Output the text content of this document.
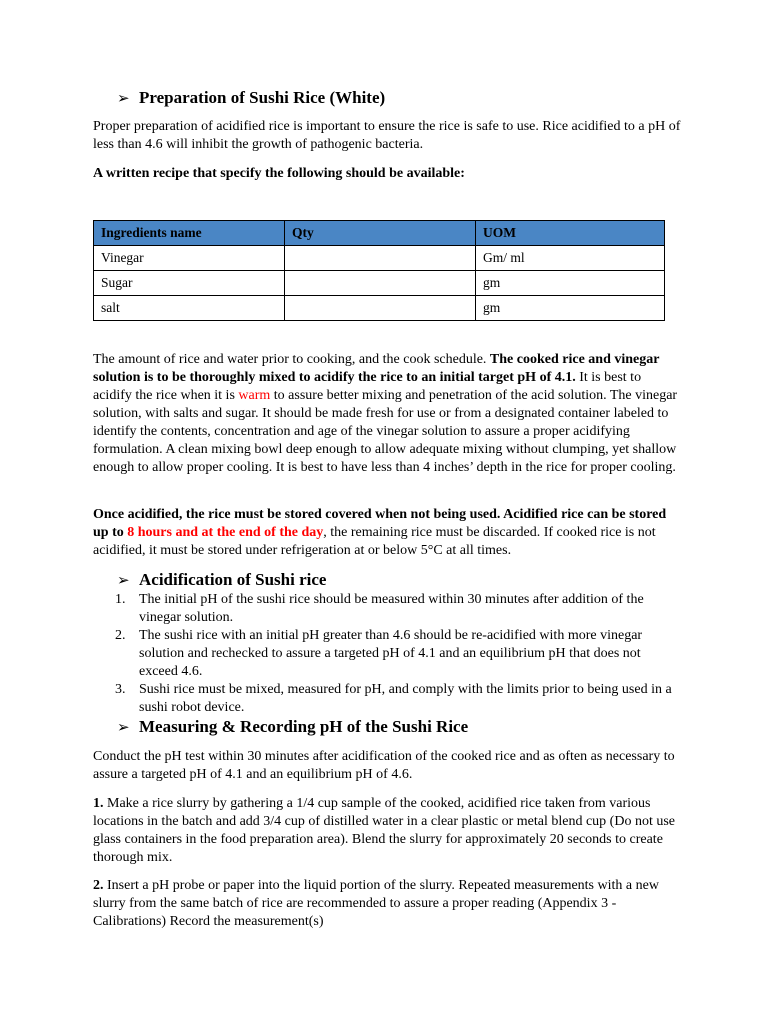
➢ Preparation of Sushi Rice (White)

Proper preparation of acidified rice is important to ensure the rice is safe to use. Rice acidified to a pH of less than 4.6 will inhibit the growth of pathogenic bacteria.

A written recipe that specify the following should be available:

Ingredients name	Qty	UOM
Vinegar		Gm/ ml
Sugar		gm
salt		gm

The amount of rice and water prior to cooking, and the cook schedule. The cooked rice and vinegar solution is to be thoroughly mixed to acidify the rice to an initial target pH of 4.1. It is best to acidify the rice when it is warm to assure better mixing and penetration of the acid solution. The vinegar solution, with salts and sugar. It should be made fresh for use or from a designated container labeled to identify the contents, concentration and age of the vinegar solution to assure a proper acidifying formulation. A clean mixing bowl deep enough to allow adequate mixing without clumping, yet shallow enough to allow proper cooling. It is best to have less than 4 inches’ depth in the rice for proper cooling.

Once acidified, the rice must be stored covered when not being used. Acidified rice can be stored up to 8 hours and at the end of the day, the remaining rice must be discarded. If cooked rice is not acidified, it must be stored under refrigeration at or below 5°C at all times.

➢ Acidification of Sushi rice
1. The initial pH of the sushi rice should be measured within 30 minutes after addition of the vinegar solution.
2. The sushi rice with an initial pH greater than 4.6 should be re-acidified with more vinegar solution and rechecked to assure a targeted pH of 4.1 and an equilibrium pH that does not exceed 4.6.
3. Sushi rice must be mixed, measured for pH, and comply with the limits prior to being used in a sushi robot device.
➢ Measuring & Recording pH of the Sushi Rice

Conduct the pH test within 30 minutes after acidification of the cooked rice and as often as necessary to assure a targeted pH of 4.1 and an equilibrium pH of 4.6.

1. Make a rice slurry by gathering a 1/4 cup sample of the cooked, acidified rice taken from various locations in the batch and add 3/4 cup of distilled water in a clear plastic or metal blend cup (Do not use glass containers in the food preparation area). Blend the slurry for approximately 20 seconds to create thorough mix.

2. Insert a pH probe or paper into the liquid portion of the slurry. Repeated measurements with a new slurry from the same batch of rice are recommended to assure a proper reading (Appendix 3 -Calibrations) Record the measurement(s)
